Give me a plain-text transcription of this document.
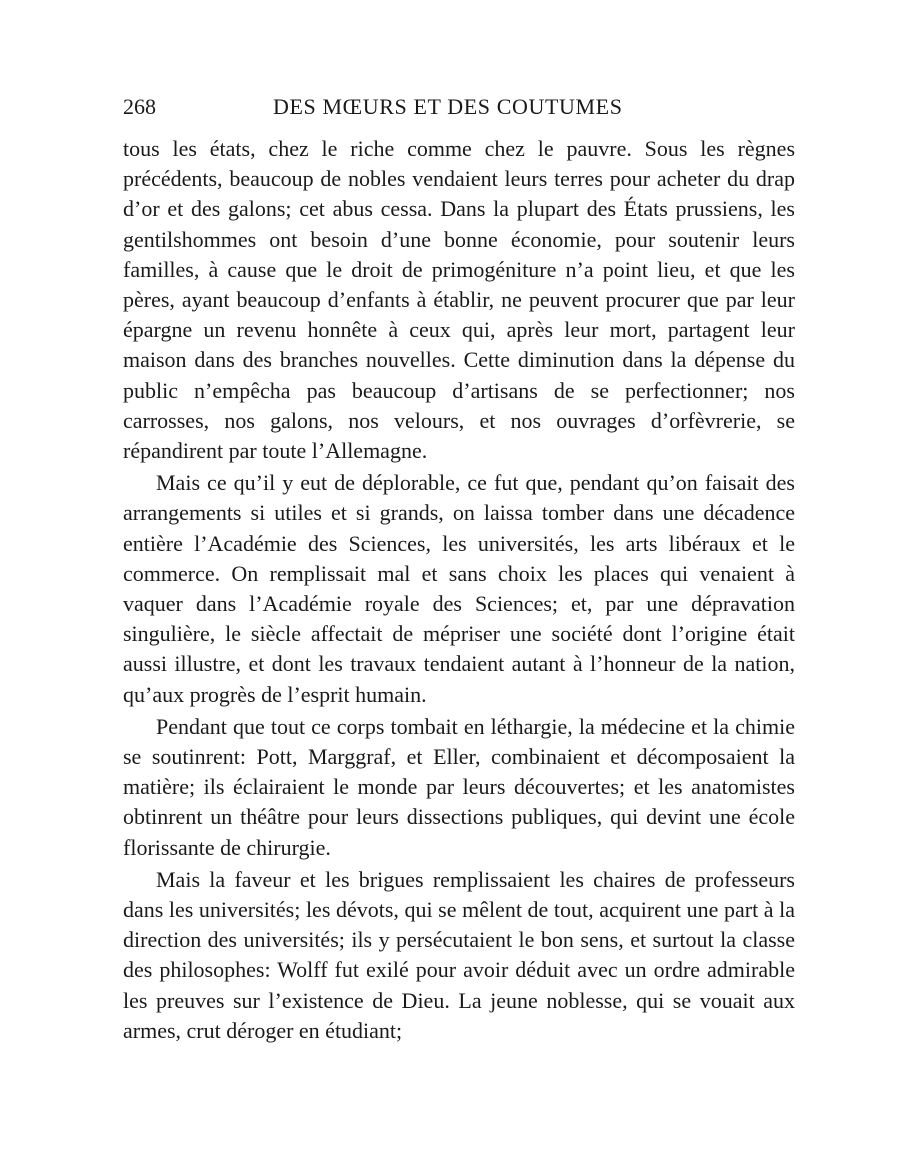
268	DES MŒURS ET DES COUTUMES

tous les états, chez le riche comme chez le pauvre. Sous les règnes précédents, beaucoup de nobles vendaient leurs terres pour acheter du drap d’or et des galons; cet abus cessa. Dans la plupart des États prussiens, les gentilshommes ont besoin d’une bonne économie, pour soutenir leurs familles, à cause que le droit de primogéniture n’a point lieu, et que les pères, ayant beaucoup d’enfants à établir, ne peuvent procurer que par leur épargne un revenu honnête à ceux qui, après leur mort, partagent leur maison dans des branches nouvelles. Cette diminution dans la dépense du public n’empêcha pas beaucoup d’artisans de se perfectionner; nos carrosses, nos galons, nos velours, et nos ouvrages d’orfèvrerie, se répandirent par toute l’Allemagne.

Mais ce qu’il y eut de déplorable, ce fut que, pendant qu’on faisait des arrangements si utiles et si grands, on laissa tomber dans une décadence entière l’Académie des Sciences, les universités, les arts libéraux et le commerce. On remplissait mal et sans choix les places qui venaient à vaquer dans l’Académie royale des Sciences; et, par une dépravation singulière, le siècle affectait de mépriser une société dont l’origine était aussi illustre, et dont les travaux tendaient autant à l’honneur de la nation, qu’aux progrès de l’esprit humain.

Pendant que tout ce corps tombait en léthargie, la médecine et la chimie se soutinrent: Pott, Marggraf, et Eller, combinaient et décomposaient la matière; ils éclairaient le monde par leurs découvertes; et les anatomistes obtinrent un théâtre pour leurs dissections publiques, qui devint une école florissante de chirurgie.

Mais la faveur et les brigues remplissaient les chaires de professeurs dans les universités; les dévots, qui se mêlent de tout, acquirent une part à la direction des universités; ils y persécutaient le bon sens, et surtout la classe des philosophes: Wolff fut exilé pour avoir déduit avec un ordre admirable les preuves sur l’existence de Dieu. La jeune noblesse, qui se vouait aux armes, crut déroger en étudiant;
